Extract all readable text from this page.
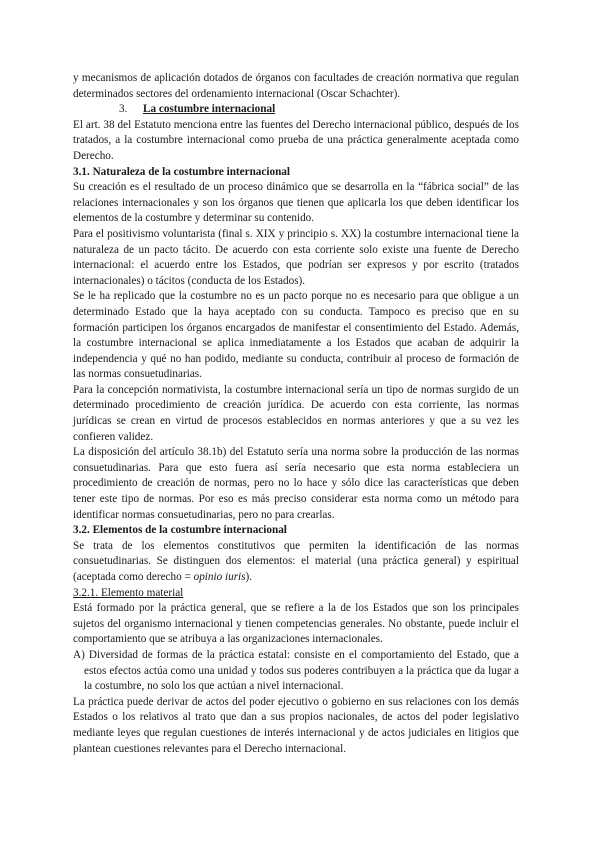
y mecanismos de aplicación dotados de órganos con facultades de creación normativa que regulan determinados sectores del ordenamiento internacional (Oscar Schachter).

3. La costumbre internacional

El art. 38 del Estatuto menciona entre las fuentes del Derecho internacional público, después de los tratados, a la costumbre internacional como prueba de una práctica generalmente aceptada como Derecho.

3.1. Naturaleza de la costumbre internacional

Su creación es el resultado de un proceso dinámico que se desarrolla en la “fábrica social” de las relaciones internacionales y son los órganos que tienen que aplicarla los que deben identificar los elementos de la costumbre y determinar su contenido.

Para el positivismo voluntarista (final s. XIX y principio s. XX) la costumbre internacional tiene la naturaleza de un pacto tácito. De acuerdo con esta corriente solo existe una fuente de Derecho internacional: el acuerdo entre los Estados, que podrían ser expresos y por escrito (tratados internacionales) o tácitos (conducta de los Estados).

Se le ha replicado que la costumbre no es un pacto porque no es necesario para que obligue a un determinado Estado que la haya aceptado con su conducta. Tampoco es preciso que en su formación participen los órganos encargados de manifestar el consentimiento del Estado. Además, la costumbre internacional se aplica inmediatamente a los Estados que acaban de adquirir la independencia y qué no han podido, mediante su conducta, contribuir al proceso de formación de las normas consuetudinarias.

Para la concepción normativista, la costumbre internacional sería un tipo de normas surgido de un determinado procedimiento de creación jurídica. De acuerdo con esta corriente, las normas jurídicas se crean en virtud de procesos establecidos en normas anteriores y que a su vez les confieren validez.

La disposición del artículo 38.1b) del Estatuto sería una norma sobre la producción de las normas consuetudinarias. Para que esto fuera así sería necesario que esta norma estableciera un procedimiento de creación de normas, pero no lo hace y sólo dice las características que deben tener este tipo de normas. Por eso es más preciso considerar esta norma como un método para identificar normas consuetudinarias, pero no para crearlas.

3.2. Elementos de la costumbre internacional

Se trata de los elementos constitutivos que permiten la identificación de las normas consuetudinarias. Se distinguen dos elementos: el material (una práctica general) y espiritual (aceptada como derecho = opinio iuris).

3.2.1. Elemento material

Está formado por la práctica general, que se refiere a la de los Estados que son los principales sujetos del organismo internacional y tienen competencias generales. No obstante, puede incluir el comportamiento que se atribuya a las organizaciones internacionales.

A) Diversidad de formas de la práctica estatal: consiste en el comportamiento del Estado, que a estos efectos actúa como una unidad y todos sus poderes contribuyen a la práctica que da lugar a la costumbre, no solo los que actúan a nivel internacional.

La práctica puede derivar de actos del poder ejecutivo o gobierno en sus relaciones con los demás Estados o los relativos al trato que dan a sus propios nacionales, de actos del poder legislativo mediante leyes que regulan cuestiones de interés internacional y de actos judiciales en litigios que plantean cuestiones relevantes para el Derecho internacional.
